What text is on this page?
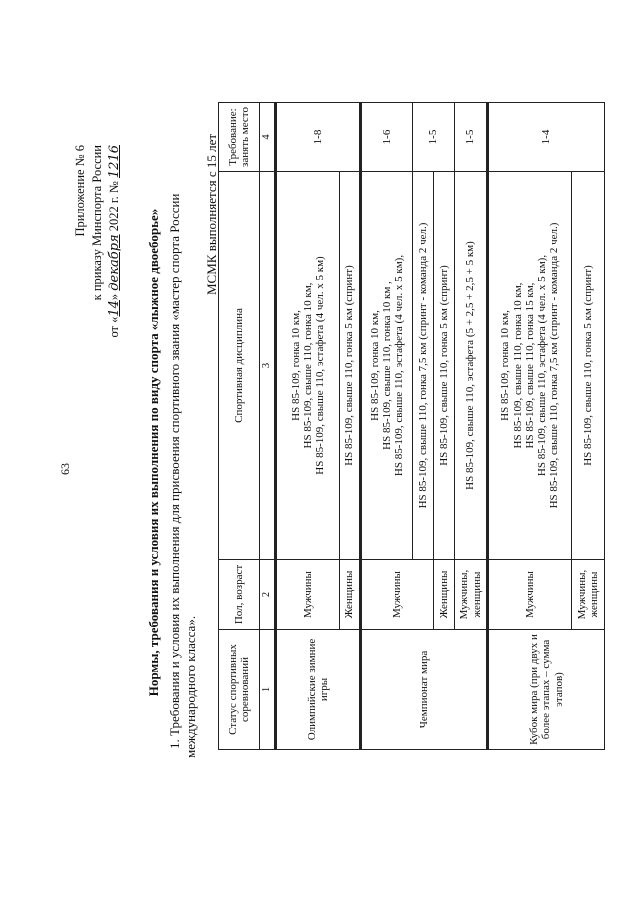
63
Приложение № 6 к приказу Минспорта России
от «14» декабря 2022 г. № 1216
Нормы, требования и условия их выполнения по виду спорта «лыжное двоеборье» 1. Требования и условия их выполнения для присвоения спортивного звания «мастер спорта России международного класса».
МСМК выполняется с 15 лет
Статус спортивных соревнований	Пол, возраст	Спортивная дисциплина	Требование: занять место
1	2	3	4
Олимпийские зимние игры	Мужчины	HS 85-109, гонка 10 км, HS 85-109, свыше 110, гонка 10 км, HS 85-109, свыше 110, эстафета (4 чел. х 5 км)	1-8
	Женщины	HS 85-109, свыше 110, гонка 5 км (спринт)	

Чемпионат мира	Мужчины	HS 85-109, гонка 10 км, HS 85-109, свыше 110, гонка 10 км , HS 85-109, свыше 110, эстафета (4 чел. х 5 км),	1-6

		HS 85-109, свыше 110, гонка 7,5 км (спринт - команда 2 чел.)	1-5
	Женщины	HS 85-109, свыше 110, гонка 5 км (спринт)	

	Мужчины, женщины	HS 85-109, свыше 110, эстафета (5 + 2,5 + 2,5 + 5 км)	1-5
Кубок мира (при двух и более этапах – сумма этапов)	Мужчины	HS 85-109, гонка 10 км, HS 85-109, свыше 110, гонка 10 км, HS 85-109, свыше 110, гонка 15 км, HS 85-109, свыше 110, эстафета (4 чел. х 5 км), HS 85-109, свыше 110, гонка 7,5 км (спринт - команда 2 чел.)	1-4
	Мужчины, женщины	HS 85-109, свыше 110, гонка 5 км (спринт)	
